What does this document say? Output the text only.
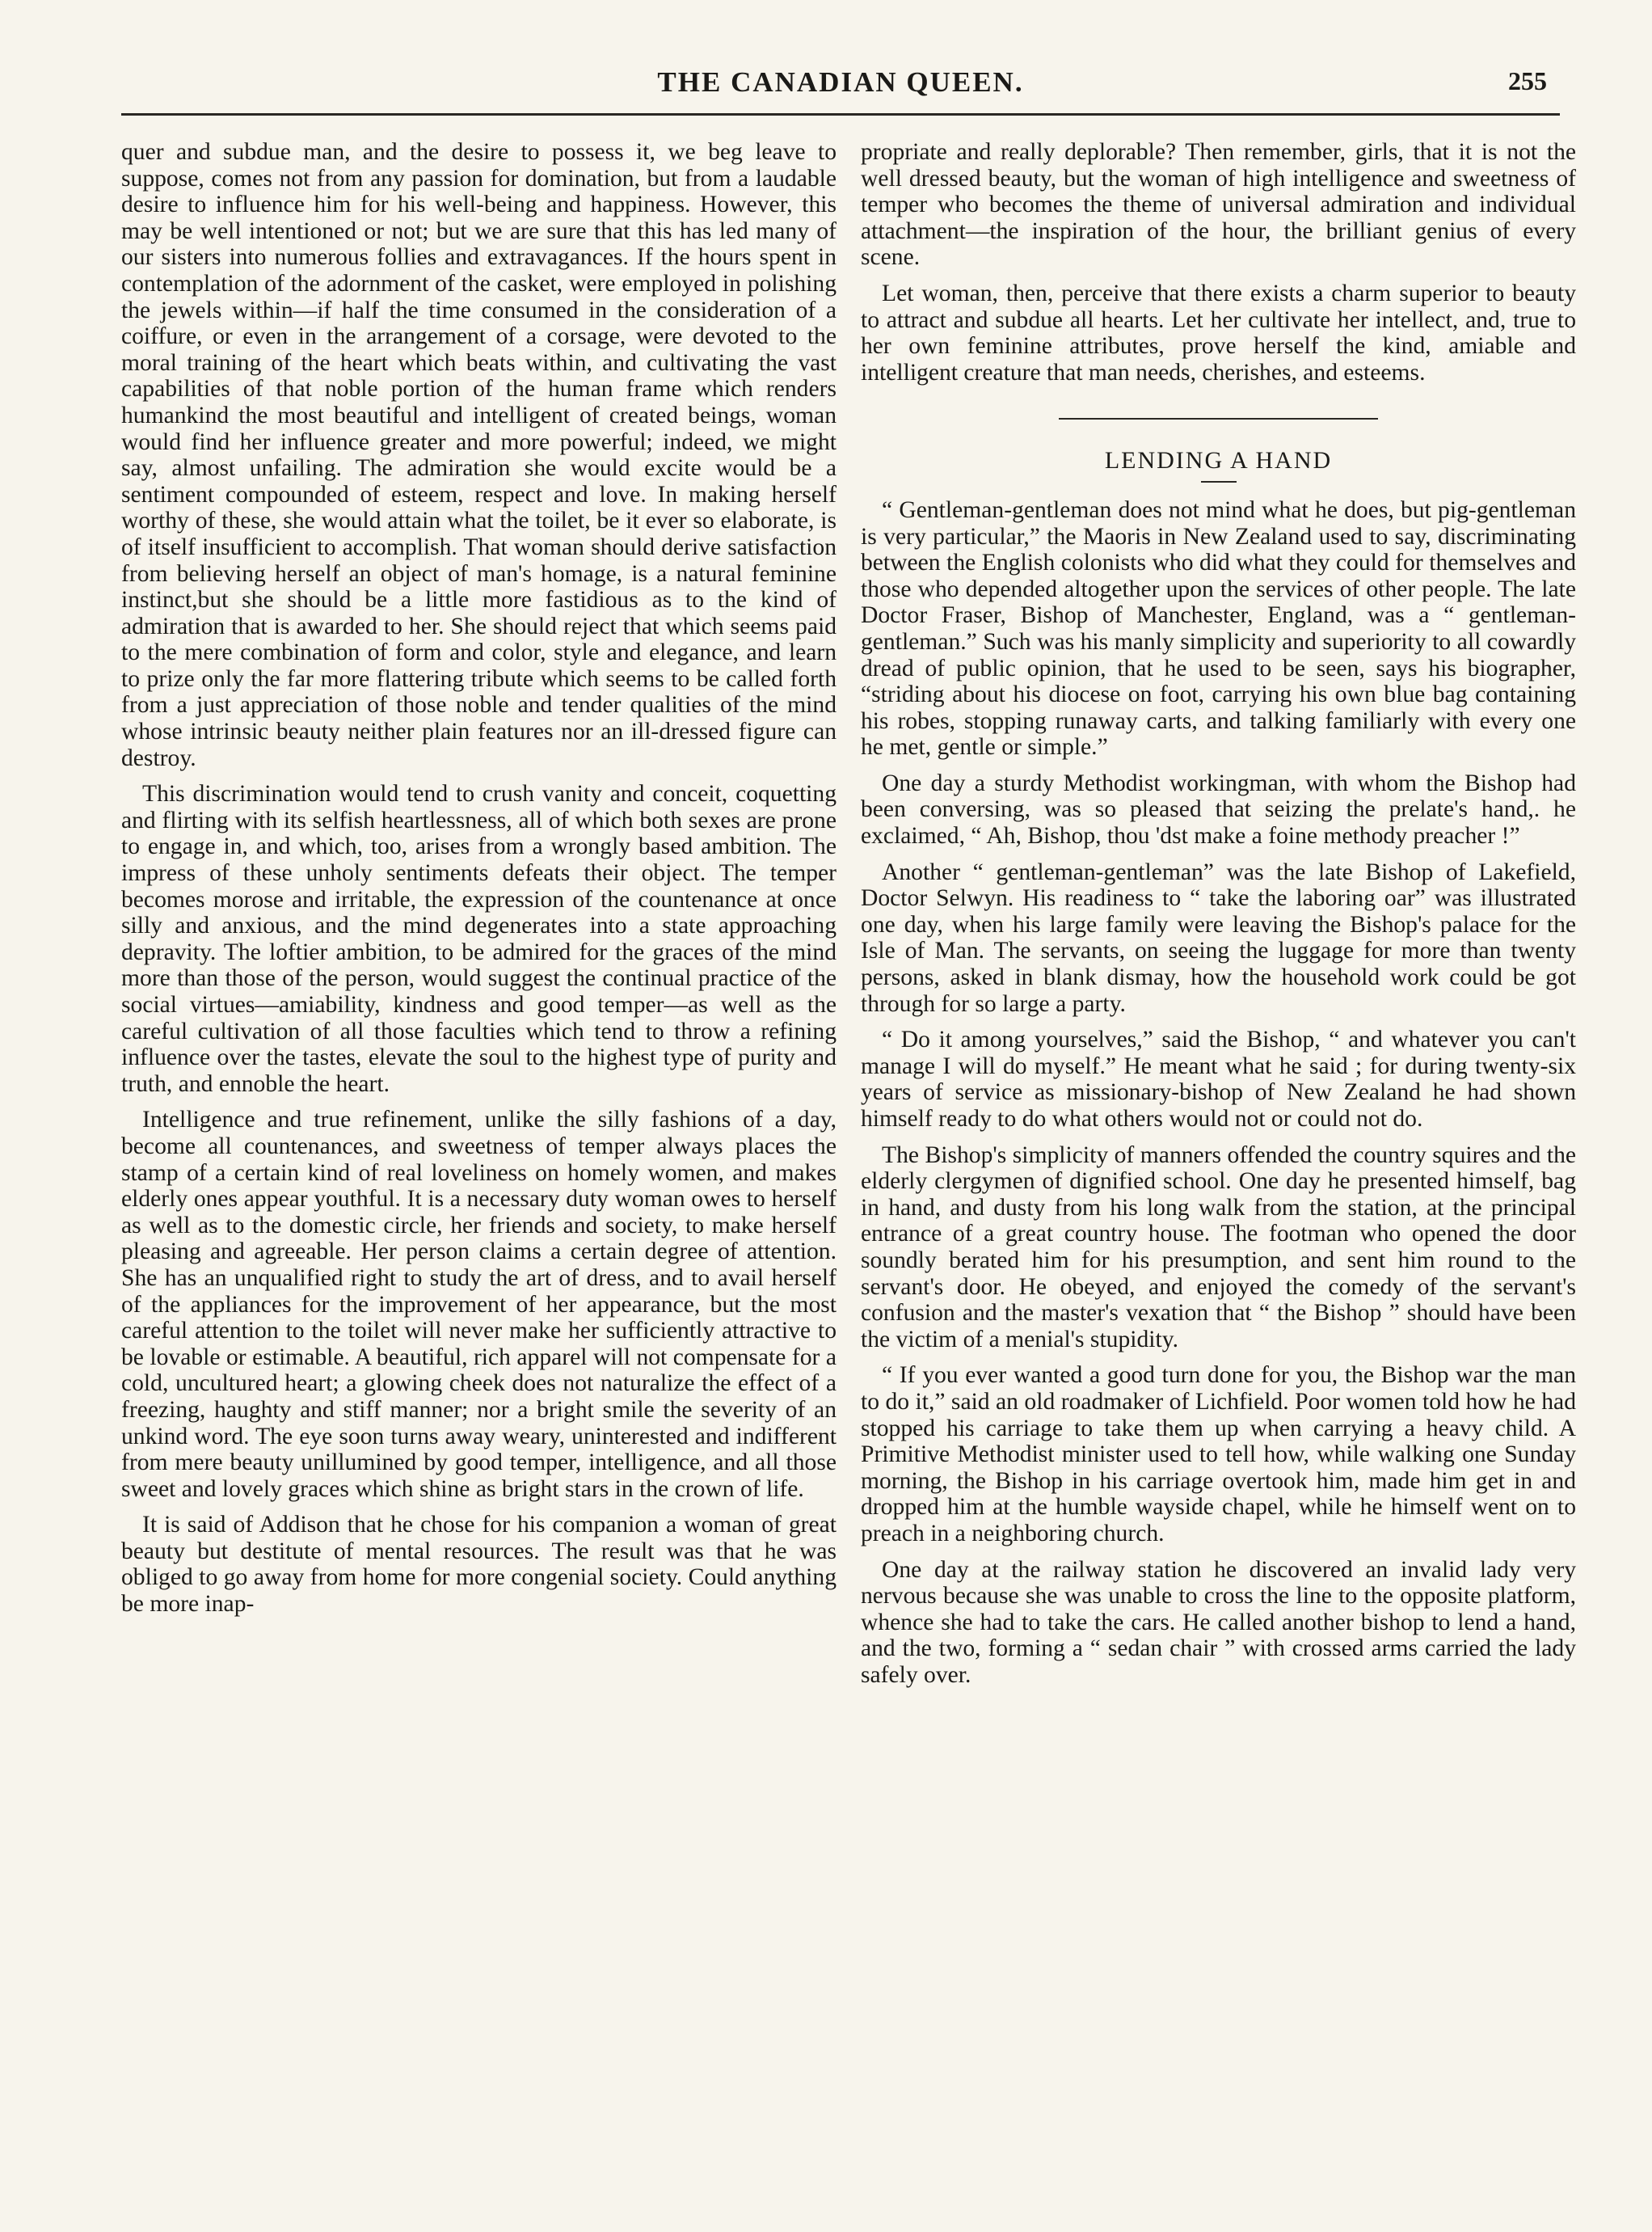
THE CANADIAN QUEEN.	255

quer and subdue man, and the desire to possess it, we beg leave to suppose, comes not from any passion for domination, but from a laudable desire to influence him for his well-being and happiness. However, this may be well intentioned or not; but we are sure that this has led many of our sisters into numerous follies and extravagances. If the hours spent in contemplation of the adornment of the casket, were employed in polishing the jewels within—if half the time consumed in the consideration of a coiffure, or even in the arrangement of a corsage, were devoted to the moral training of the heart which beats within, and cultivating the vast capabilities of that noble portion of the human frame which renders humankind the most beautiful and intelligent of created beings, woman would find her influence greater and more powerful; indeed, we might say, almost unfailing. The admiration she would excite would be a sentiment compounded of esteem, respect and love. In making herself worthy of these, she would attain what the toilet, be it ever so elaborate, is of itself insufficient to accomplish. That woman should derive satisfaction from believing herself an object of man's homage, is a natural feminine instinct,but she should be a little more fastidious as to the kind of admiration that is awarded to her. She should reject that which seems paid to the mere combination of form and color, style and elegance, and learn to prize only the far more flattering tribute which seems to be called forth from a just appreciation of those noble and tender qualities of the mind whose intrinsic beauty neither plain features nor an ill-dressed figure can destroy.

This discrimination would tend to crush vanity and conceit, coquetting and flirting with its selfish heartlessness, all of which both sexes are prone to engage in, and which, too, arises from a wrongly based ambition. The impress of these unholy sentiments defeats their object. The temper becomes morose and irritable, the expression of the countenance at once silly and anxious, and the mind degenerates into a state approaching depravity. The loftier ambition, to be admired for the graces of the mind more than those of the person, would suggest the continual practice of the social virtues—amiability, kindness and good temper—as well as the careful cultivation of all those faculties which tend to throw a refining influence over the tastes, elevate the soul to the highest type of purity and truth, and ennoble the heart.

Intelligence and true refinement, unlike the silly fashions of a day, become all countenances, and sweetness of temper always places the stamp of a certain kind of real loveliness on homely women, and makes elderly ones appear youthful. It is a necessary duty woman owes to herself as well as to the domestic circle, her friends and society, to make herself pleasing and agreeable. Her person claims a certain degree of attention. She has an unqualified right to study the art of dress, and to avail herself of the appliances for the improvement of her appearance, but the most careful attention to the toilet will never make her sufficiently attractive to be lovable or estimable. A beautiful, rich apparel will not compensate for a cold, uncultured heart; a glowing cheek does not naturalize the effect of a freezing, haughty and stiff manner; nor a bright smile the severity of an unkind word. The eye soon turns away weary, uninterested and indifferent from mere beauty unillumined by good temper, intelligence, and all those sweet and lovely graces which shine as bright stars in the crown of life.

It is said of Addison that he chose for his companion a woman of great beauty but destitute of mental resources. The result was that he was obliged to go away from home for more congenial society. Could anything be more inap-

propriate and really deplorable? Then remember, girls, that it is not the well dressed beauty, but the woman of high intelligence and sweetness of temper who becomes the theme of universal admiration and individual attachment—the inspiration of the hour, the brilliant genius of every scene.

Let woman, then, perceive that there exists a charm superior to beauty to attract and subdue all hearts. Let her cultivate her intellect, and, true to her own feminine attributes, prove herself the kind, amiable and intelligent creature that man needs, cherishes, and esteems.

LENDING A HAND

“ Gentleman-gentleman does not mind what he does, but pig-gentleman is very particular,” the Maoris in New Zealand used to say, discriminating between the English colonists who did what they could for themselves and those who depended altogether upon the services of other people. The late Doctor Fraser, Bishop of Manchester, England, was a “ gentleman-gentleman.” Such was his manly simplicity and superiority to all cowardly dread of public opinion, that he used to be seen, says his biographer, “striding about his diocese on foot, carrying his own blue bag containing his robes, stopping runaway carts, and talking familiarly with every one he met, gentle or simple.”

One day a sturdy Methodist workingman, with whom the Bishop had been conversing, was so pleased that seizing the prelate's hand,. he exclaimed, “ Ah, Bishop, thou 'dst make a foine methody preacher !”

Another “ gentleman-gentleman” was the late Bishop of Lakefield, Doctor Selwyn. His readiness to “ take the laboring oar” was illustrated one day, when his large family were leaving the Bishop's palace for the Isle of Man. The servants, on seeing the luggage for more than twenty persons, asked in blank dismay, how the household work could be got through for so large a party.

“ Do it among yourselves,” said the Bishop, “ and whatever you can't manage I will do myself.” He meant what he said ; for during twenty-six years of service as missionary-bishop of New Zealand he had shown himself ready to do what others would not or could not do.

The Bishop's simplicity of manners offended the country squires and the elderly clergymen of dignified school. One day he presented himself, bag in hand, and dusty from his long walk from the station, at the principal entrance of a great country house. The footman who opened the door soundly berated him for his presumption, and sent him round to the servant's door. He obeyed, and enjoyed the comedy of the servant's confusion and the master's vexation that “ the Bishop ” should have been the victim of a menial's stupidity.

“ If you ever wanted a good turn done for you, the Bishop war the man to do it,” said an old roadmaker of Lichfield. Poor women told how he had stopped his carriage to take them up when carrying a heavy child. A Primitive Methodist minister used to tell how, while walking one Sunday morning, the Bishop in his carriage overtook him, made him get in and dropped him at the humble wayside chapel, while he himself went on to preach in a neighboring church.

One day at the railway station he discovered an invalid lady very nervous because she was unable to cross the line to the opposite platform, whence she had to take the cars. He called another bishop to lend a hand, and the two, forming a “ sedan chair ” with crossed arms carried the lady safely over.
